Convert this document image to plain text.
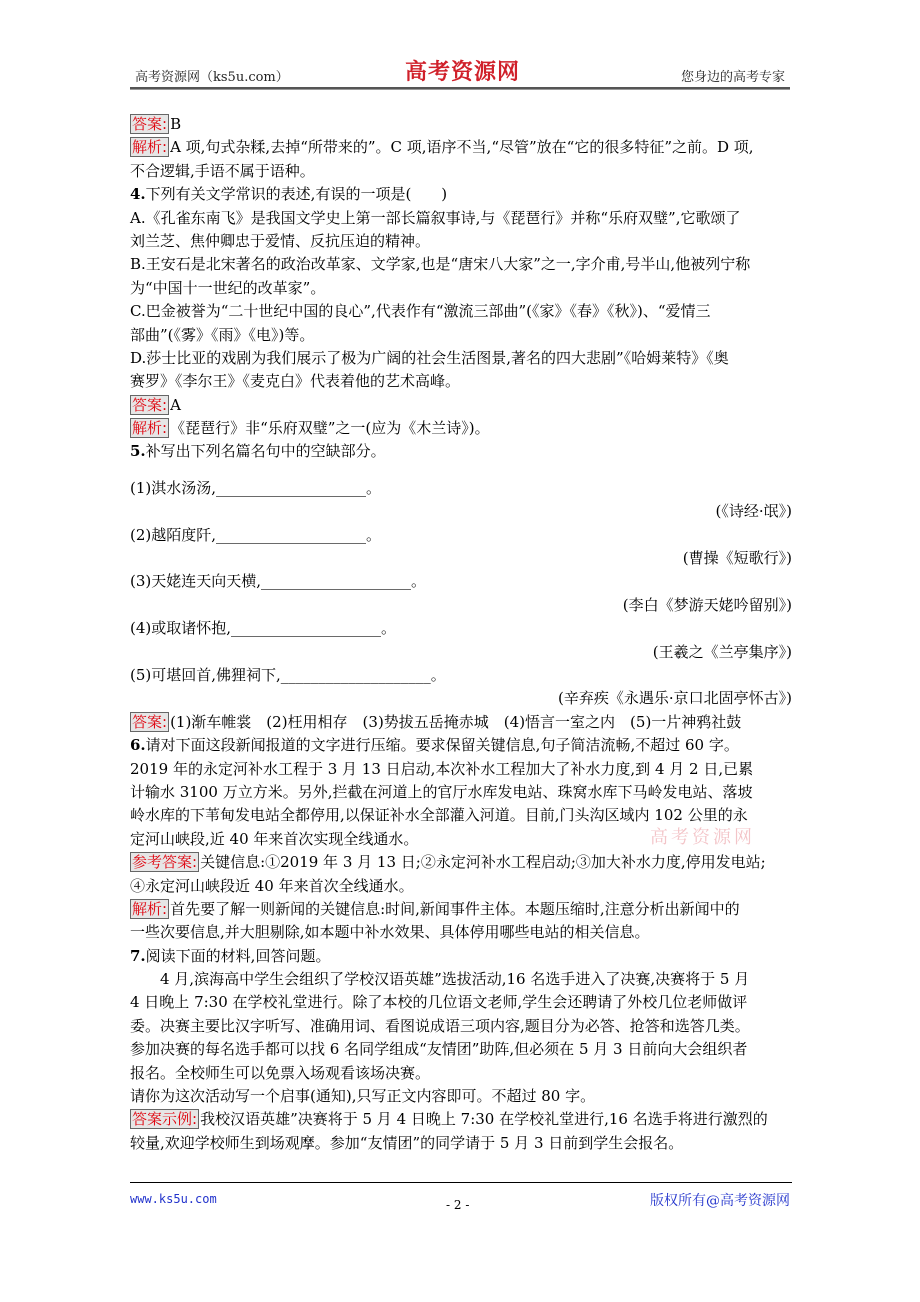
高考资源网（ks5u.com）	高考资源网	您身边的高考专家
答案: B
解析: A 项,句式杂糅,去掉“所带来的”。C 项,语序不当,“尽管”放在“它的很多特征”之前。D 项,
不合逻辑,手语不属于语种。
4.下列有关文学常识的表述,有误的一项是(　　)
A.《孔雀东南飞》是我国文学史上第一部长篇叙事诗,与《琵琶行》并称“乐府双璧”,它歌颂了
刘兰芝、焦仲卿忠于爱情、反抗压迫的精神。
B.王安石是北宋著名的政治改革家、文学家,也是“唐宋八大家”之一,字介甫,号半山,他被列宁称
为“中国十一世纪的改革家”。
C.巴金被誉为“二十世纪中国的良心”,代表作有“激流三部曲”(《家》《春》《秋》)、“爱情三
部曲”(《雾》《雨》《电》)等。
D.莎士比亚的戏剧为我们展示了极为广阔的社会生活图景,著名的四大悲剧”《哈姆莱特》《奥
赛罗》《李尔王》《麦克白》代表着他的艺术高峰。
答案: A
解析: 《琵琶行》非“乐府双璧”之一(应为《木兰诗》)。
5.补写出下列名篇名句中的空缺部分。
(1)淇水汤汤,____________________。
(《诗经·氓》)
(2)越陌度阡,____________________。
(曹操《短歌行》)
(3)天姥连天向天横,____________________。
(李白《梦游天姥吟留别》)
(4)或取诸怀抱,____________________。
(王羲之《兰亭集序》)
(5)可堪回首,佛狸祠下,____________________。
(辛弃疾《永遇乐·京口北固亭怀古》)
答案: (1)渐车帷裳　(2)枉用相存　(3)势拔五岳掩赤城　(4)悟言一室之内　(5)一片神鸦社鼓
6.请对下面这段新闻报道的文字进行压缩。要求保留关键信息,句子简洁流畅,不超过 60 字。
2019 年的永定河补水工程于 3 月 13 日启动,本次补水工程加大了补水力度,到 4 月 2 日,已累
计输水 3100 万立方米。另外,拦截在河道上的官厅水库发电站、珠窝水库下马岭发电站、落坡
岭水库的下苇甸发电站全都停用,以保证补水全部灌入河道。目前,门头沟区域内 102 公里的永
定河山峡段,近 40 年来首次实现全线通水。
参考答案: 关键信息:①2019 年 3 月 13 日;②永定河补水工程启动;③加大补水力度,停用发电站;
④永定河山峡段近 40 年来首次全线通水。
解析: 首先要了解一则新闻的关键信息:时间,新闻事件主体。本题压缩时,注意分析出新闻中的
一些次要信息,并大胆剔除,如本题中补水效果、具体停用哪些电站的相关信息。
7.阅读下面的材料,回答问题。
4 月,滨海高中学生会组织了学校汉语英雄”选拔活动,16 名选手进入了决赛,决赛将于 5 月
4 日晚上 7:30 在学校礼堂进行。除了本校的几位语文老师,学生会还聘请了外校几位老师做评
委。决赛主要比汉字听写、准确用词、看图说成语三项内容,题目分为必答、抢答和选答几类。
参加决赛的每名选手都可以找 6 名同学组成“友情团”助阵,但必须在 5 月 3 日前向大会组织者
报名。全校师生可以免票入场观看该场决赛。
请你为这次活动写一个启事(通知),只写正文内容即可。不超过 80 字。
答案示例: 我校汉语英雄”决赛将于 5 月 4 日晚上 7:30 在学校礼堂进行,16 名选手将进行激烈的
较量,欢迎学校师生到场观摩。参加“友情团”的同学请于 5 月 3 日前到学生会报名。
高考资源网
www.ks5u.com	- 2 -	版权所有@高考资源网
